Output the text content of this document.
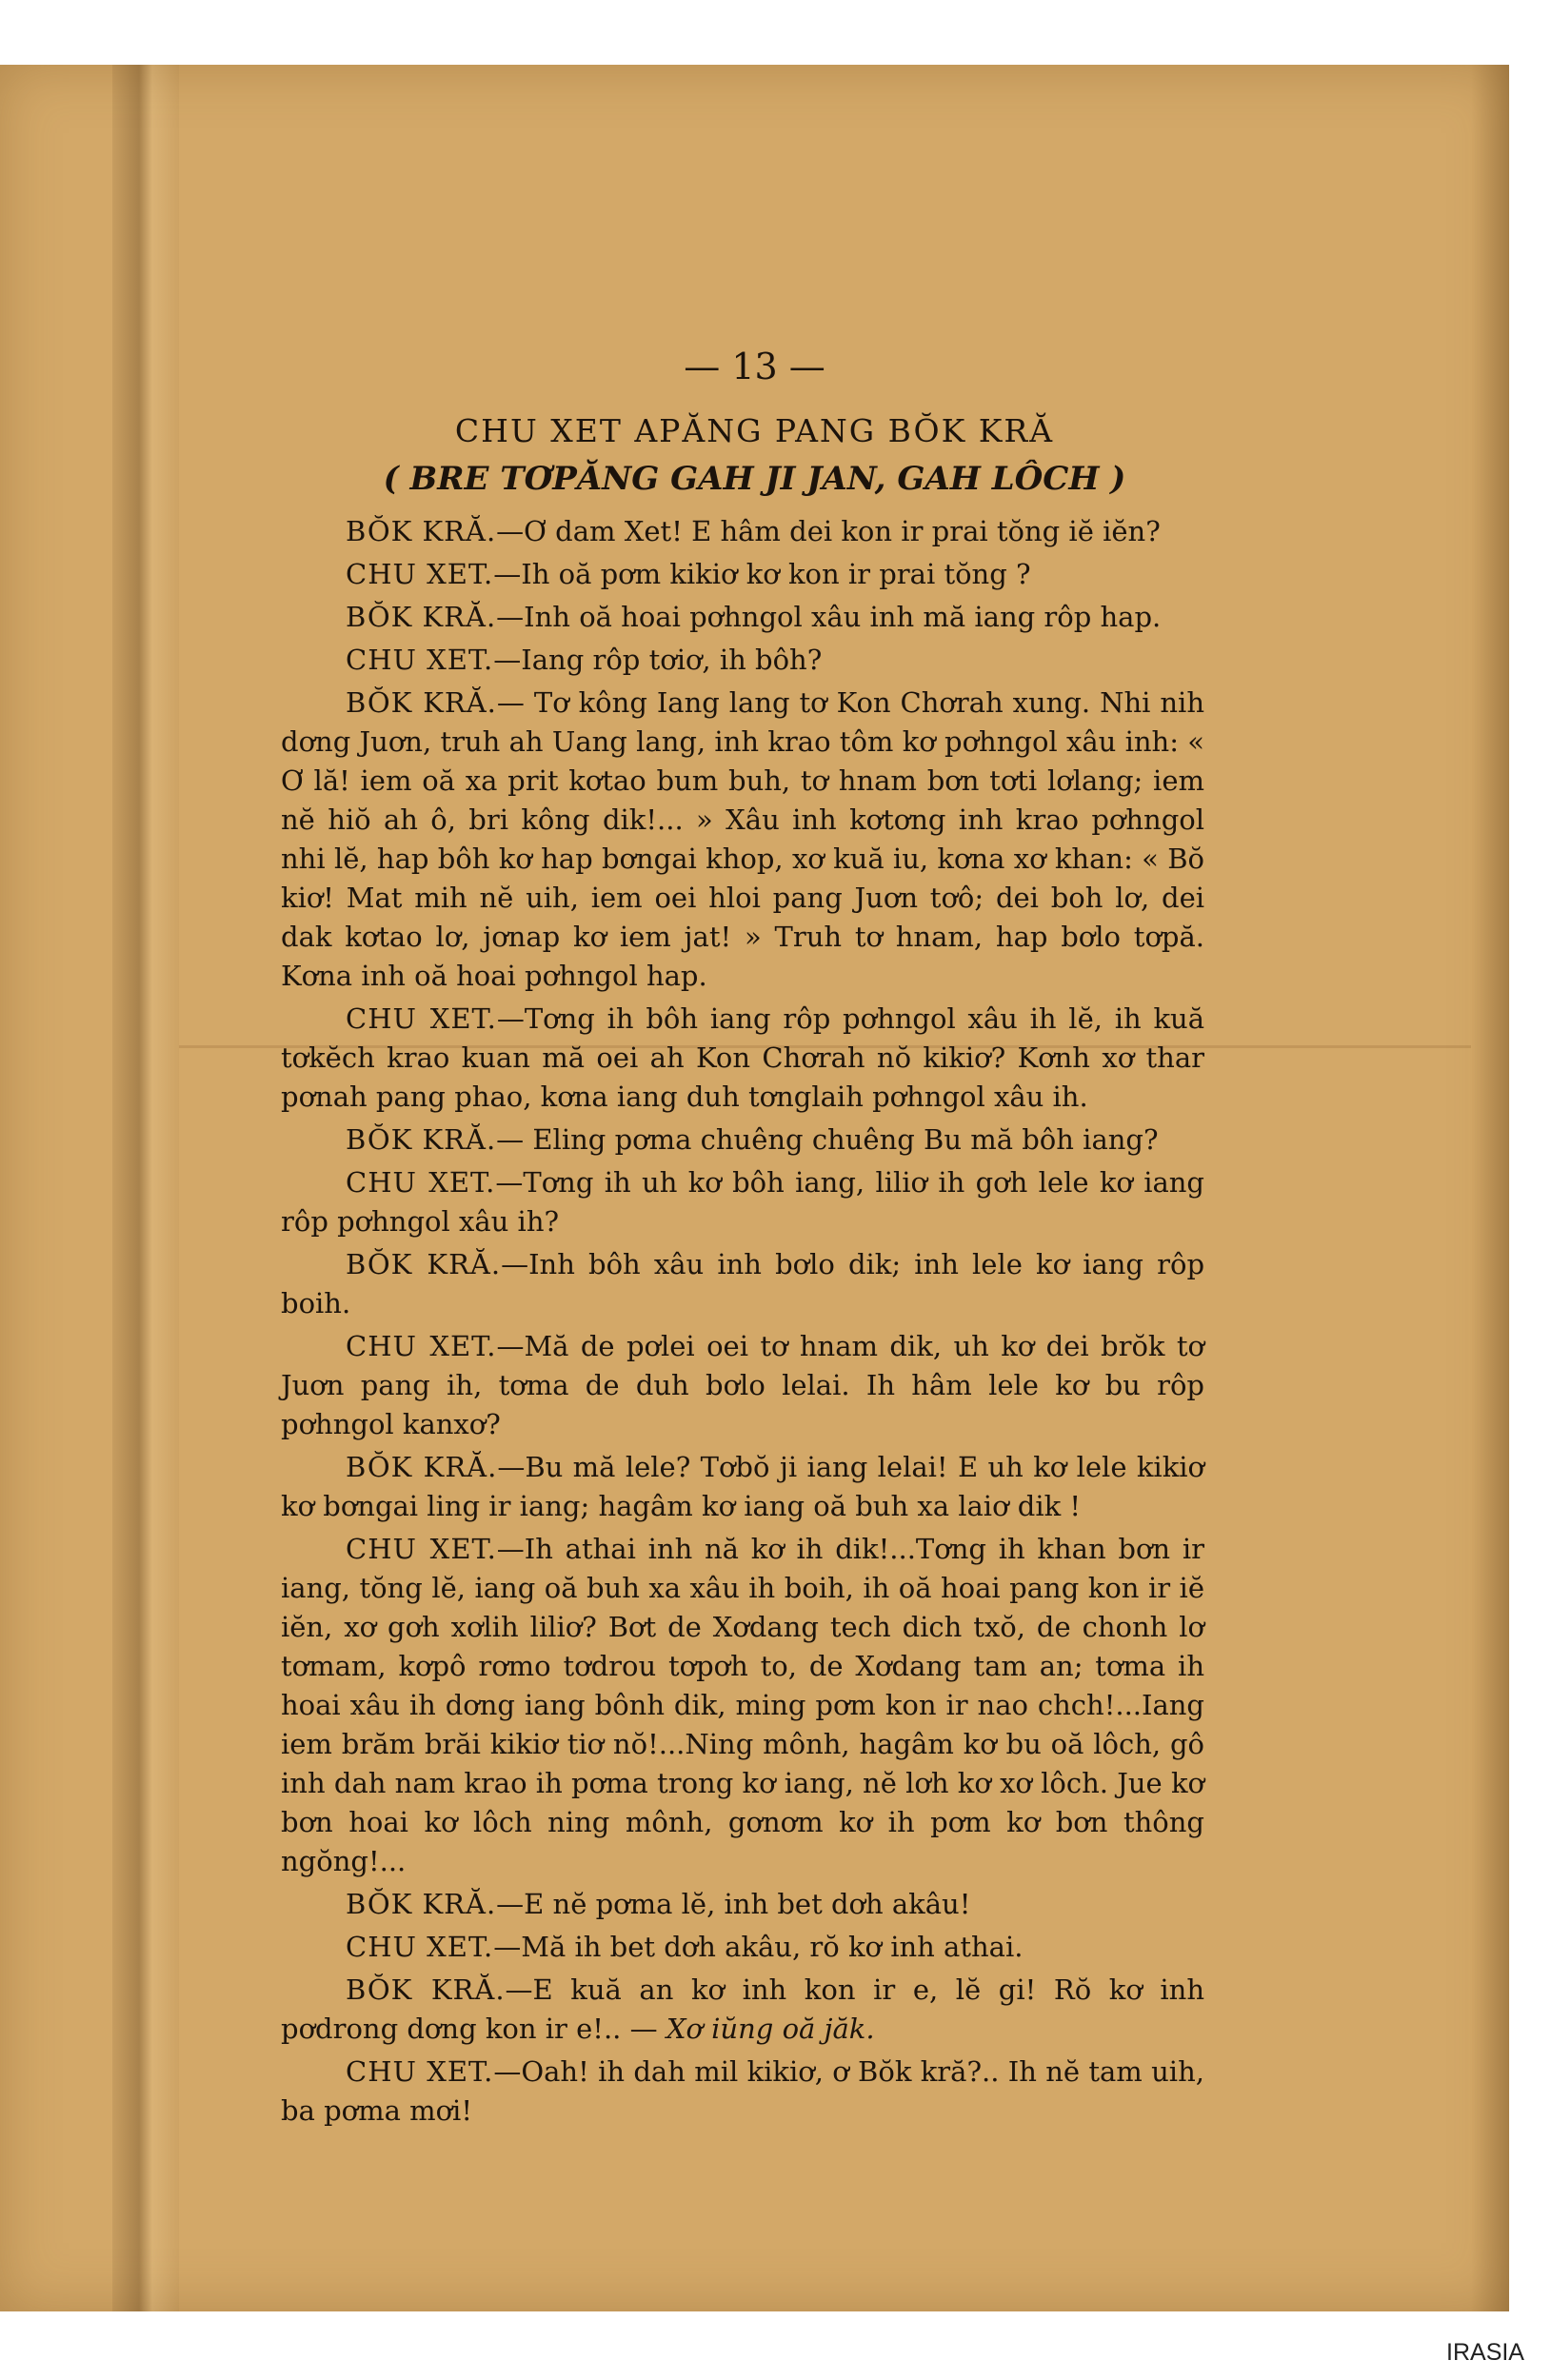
— 13 —
CHU XET APĂNG PANG BŎK KRĂ
( BRE TƠPĂNG GAH JI JAN, GAH LÔCH )

BŎK KRĂ.—Ơ dam Xet! E hâm dei kon ir prai tŏng iĕ iĕn?

CHU XET.—Ih oă pơm kikiơ kơ kon ir prai tŏng ?

BŎK KRĂ.—Inh oă hoai pơhngol xâu inh mă iang rôp hap.

CHU XET.—Iang rôp tơiơ, ih bôh?

BŎK KRĂ.— Tơ kông Iang lang tơ Kon Chơrah xung. Nhi nih dơng Juơn, truh ah Uang lang, inh krao tôm kơ pơhngol xâu inh: « Ơ lă! iem oă xa prit kơtao bum buh, tơ hnam bơn tơti lơlang; iem nĕ hiŏ ah ô, bri kông dik!... » Xâu inh kơtơng inh krao pơhngol nhi lĕ, hap bôh kơ hap bơngai khop, xơ kuă iu, kơna xơ khan: « Bŏ kiơ! Mat mih nĕ uih, iem oei hloi pang Juơn tơô; dei boh lơ, dei dak kơtao lơ, jơnap kơ iem jat! » Truh tơ hnam, hap bơlo tơpă. Kơna inh oă hoai pơhngol hap.

CHU XET.—Tơng ih bôh iang rôp pơhngol xâu ih lĕ, ih kuă tơkĕch krao kuan mă oei ah Kon Chơrah nŏ kikiơ? Kơnh xơ thar pơnah pang phao, kơna iang duh tơnglaih pơhngol xâu ih.

BŎK KRĂ.— Eling pơma chuêng chuêng Bu mă bôh iang?

CHU XET.—Tơng ih uh kơ bôh iang, liliơ ih gơh lele kơ iang rôp pơhngol xâu ih?

BŎK KRĂ.—Inh bôh xâu inh bơlo dik; inh lele kơ iang rôp boih.

CHU XET.—Mă de pơlei oei tơ hnam dik, uh kơ dei brŏk tơ Juơn pang ih, tơma de duh bơlo lelai. Ih hâm lele kơ bu rôp pơhngol kanxơ?

BŎK KRĂ.—Bu mă lele? Tơbŏ ji iang lelai! E uh kơ lele kikiơ kơ bơngai ling ir iang; hagâm kơ iang oă buh xa laiơ dik !

CHU XET.—Ih athai inh nă kơ ih dik!...Tơng ih khan bơn ir iang, tŏng lĕ, iang oă buh xa xâu ih boih, ih oă hoai pang kon ir iĕ iĕn, xơ gơh xơlih liliơ? Bơt de Xơdang tech dich txŏ, de chonh lơ tơmam, kơpô rơmo tơdrou tơpơh to, de Xơdang tam an; tơma ih hoai xâu ih dơng iang bônh dik, ming pơm kon ir nao chch!...Iang iem brăm brăi kikiơ tiơ nŏ!...Ning mônh, hagâm kơ bu oă lôch, gô inh dah nam krao ih pơma trong kơ iang, nĕ lơh kơ xơ lôch. Jue kơ bơn hoai kơ lôch ning mônh, gơnơm kơ ih pơm kơ bơn thông ngŏng!...

BŎK KRĂ.—E nĕ pơma lĕ, inh bet dơh akâu!

CHU XET.—Mă ih bet dơh akâu, rŏ kơ inh athai.

BŎK KRĂ.—E kuă an kơ inh kon ir e, lĕ gi! Rŏ kơ inh pơdrong dơng kon ir e!.. — Xơ iŭng oă jăk.

CHU XET.—Oah! ih dah mil kikiơ, ơ Bŏk kră?.. Ih nĕ tam uih, ba pơma mơi!

IRASIA
